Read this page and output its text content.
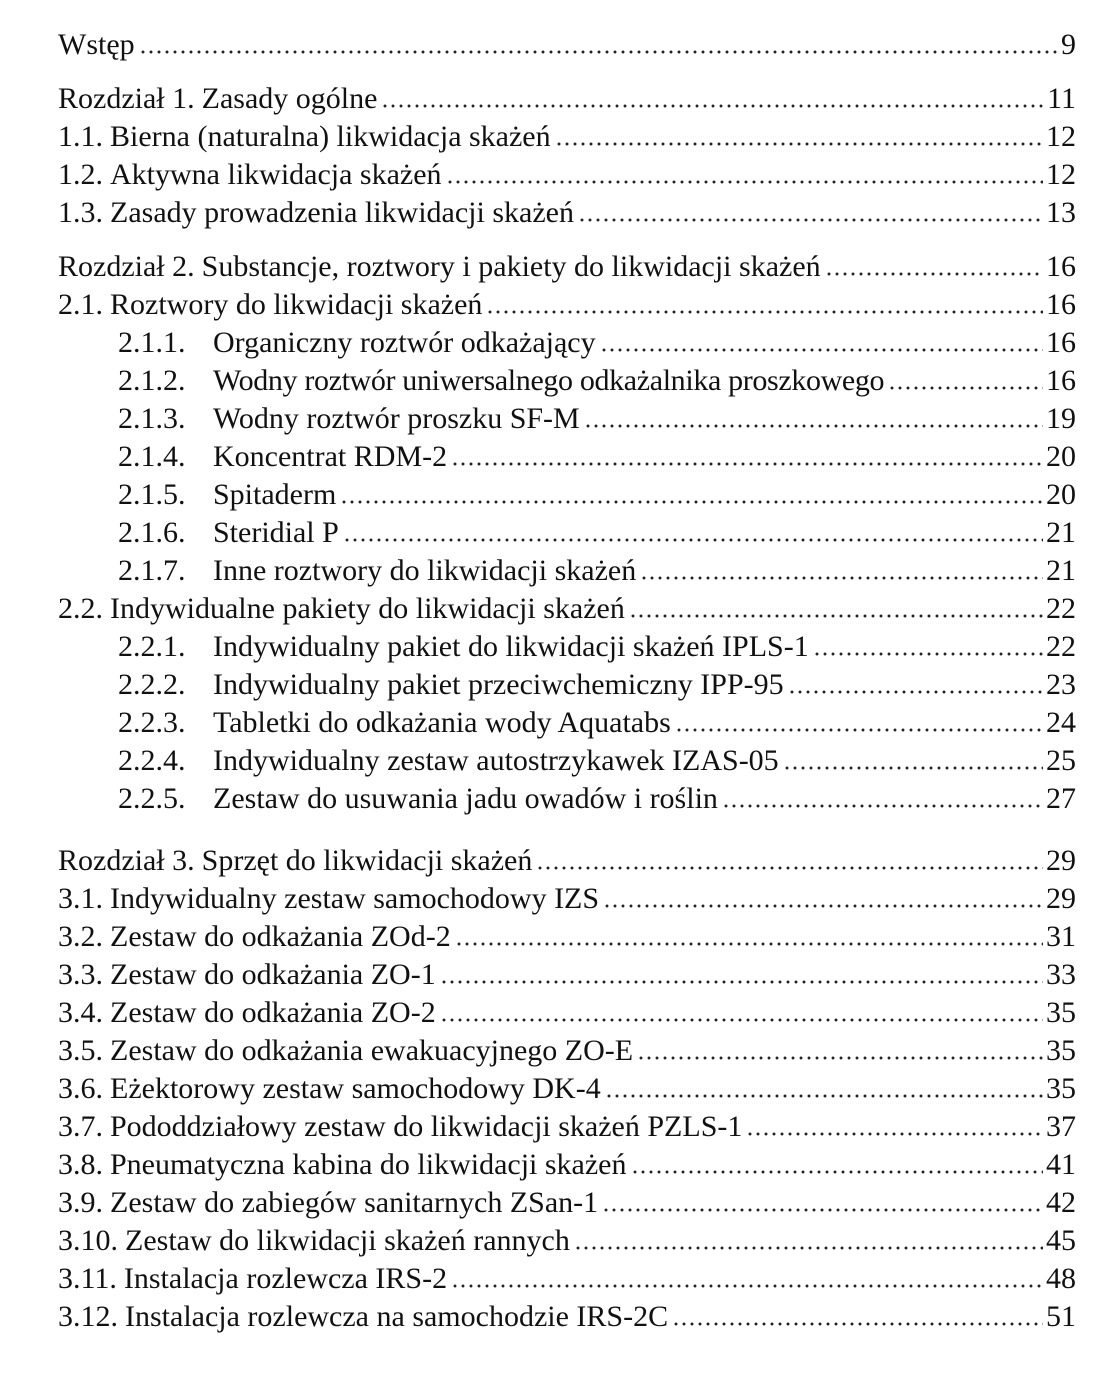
Wstęp	9
Rozdział 1. Zasady ogólne	11
1.1. Bierna (naturalna) likwidacja skażeń	12
1.2. Aktywna likwidacja skażeń	12
1.3. Zasady prowadzenia likwidacji skażeń	13
Rozdział 2. Substancje, roztwory i pakiety do likwidacji skażeń	16
2.1. Roztwory do likwidacji skażeń	16
2.1.1. Organiczny roztwór odkażający	16
2.1.2. Wodny roztwór uniwersalnego odkażalnika proszkowego	16
2.1.3. Wodny roztwór proszku SF-M	19
2.1.4. Koncentrat RDM-2	20
2.1.5. Spitaderm	20
2.1.6. Steridial P	21
2.1.7. Inne roztwory do likwidacji skażeń	21
2.2. Indywidualne pakiety do likwidacji skażeń	22
2.2.1. Indywidualny pakiet do likwidacji skażeń IPLS-1	22
2.2.2. Indywidualny pakiet przeciwchemiczny IPP-95	23
2.2.3. Tabletki do odkażania wody Aquatabs	24
2.2.4. Indywidualny zestaw autostrzykawek IZAS-05	25
2.2.5. Zestaw do usuwania jadu owadów i roślin	27
Rozdział 3. Sprzęt do likwidacji skażeń	29
3.1. Indywidualny zestaw samochodowy IZS	29
3.2. Zestaw do odkażania ZOd-2	31
3.3. Zestaw do odkażania ZO-1	33
3.4. Zestaw do odkażania ZO-2	35
3.5. Zestaw do odkażania ewakuacyjnego ZO-E	35
3.6. Eżektorowy zestaw samochodowy DK-4	35
3.7. Pododdziałowy zestaw do likwidacji skażeń PZLS-1	37
3.8. Pneumatyczna kabina do likwidacji skażeń	41
3.9. Zestaw do zabiegów sanitarnych ZSan-1	42
3.10. Zestaw do likwidacji skażeń rannych	45
3.11. Instalacja rozlewcza IRS-2	48
3.12. Instalacja rozlewcza na samochodzie IRS-2C	51
